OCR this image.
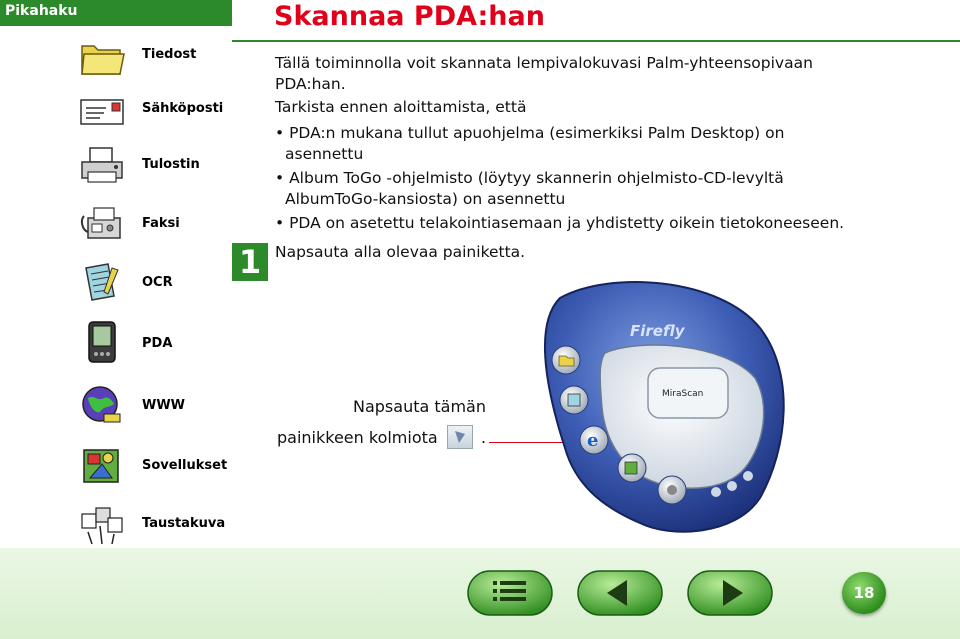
Pikahaku
Tiedost
Sähköposti
Tulostin
Faksi
OCR
PDA
WWW
Sovellukset
Taustakuva
Skannaa PDA:han
Tällä toiminnolla voit skannata lempivalokuvasi Palm-yhteensopivaan
PDA:han.
Tarkista ennen aloittamista, että
• PDA:n mukana tullut apuohjelma (esimerkiksi Palm Desktop) on
asennettu
• Album ToGo -ohjelmisto (löytyy skannerin ohjelmisto-CD-levyltä
AlbumToGo-kansiosta) on asennettu
• PDA on asetettu telakointiasemaan ja yhdistetty oikein tietokoneeseen.
1 Napsauta alla olevaa painiketta.
Napsauta tämän
painikkeen kolmiota	.
Firefly
MiraScan
e
18
